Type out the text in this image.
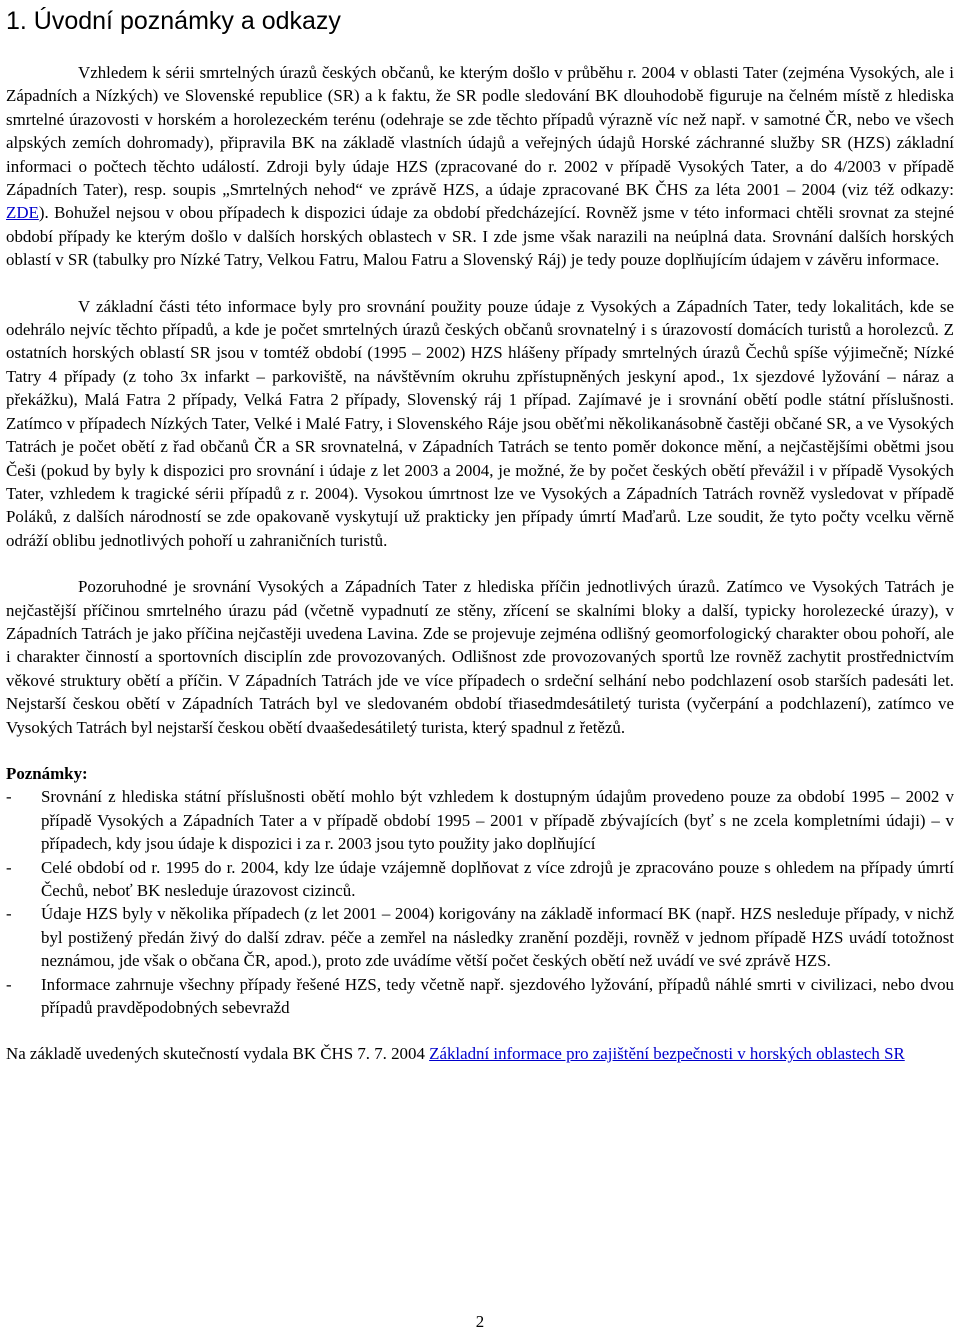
1. Úvodní poznámky a odkazy

Vzhledem k sérii smrtelných úrazů českých občanů, ke kterým došlo v průběhu r. 2004 v oblasti Tater (zejména Vysokých, ale i Západních a Nízkých) ve Slovenské republice (SR) a k faktu, že SR podle sledování BK dlouhodobě figuruje na čelném místě z hlediska smrtelné úrazovosti v horském a horolezeckém terénu (odehraje se zde těchto případů výrazně víc než např. v samotné ČR, nebo ve všech alpských zemích dohromady), připravila BK na základě vlastních údajů a veřejných údajů Horské záchranné služby SR (HZS) základní informaci o počtech těchto událostí. Zdroji byly údaje HZS (zpracované do r. 2002 v případě Vysokých Tater, a do 4/2003 v případě Západních Tater), resp. soupis „Smrtelných nehod“ ve zprávě HZS, a údaje zpracované BK ČHS za léta 2001 – 2004 (viz též odkazy: ZDE). Bohužel nejsou v obou případech k dispozici údaje za období předcházející. Rovněž jsme v této informaci chtěli srovnat za stejné období případy ke kterým došlo v dalších horských oblastech v SR. I zde jsme však narazili na neúplná data. Srovnání dalších horských oblastí v SR (tabulky pro Nízké Tatry, Velkou Fatru, Malou Fatru a Slovenský Ráj) je tedy pouze doplňujícím údajem v závěru informace.

V základní části této informace byly pro srovnání použity pouze údaje z Vysokých a Západních Tater, tedy lokalitách, kde se odehrálo nejvíc těchto případů, a kde je počet smrtelných úrazů českých občanů srovnatelný i s úrazovostí domácích turistů a horolezců. Z ostatních horských oblastí SR jsou v tomtéž období (1995 – 2002) HZS hlášeny případy smrtelných úrazů Čechů spíše výjimečně; Nízké Tatry 4 případy (z toho 3x infarkt – parkoviště, na návštěvním okruhu zpřístupněných jeskyní apod., 1x sjezdové lyžování – náraz a překážku), Malá Fatra 2 případy, Velká Fatra 2 případy, Slovenský ráj 1 případ. Zajímavé je i srovnání obětí podle státní příslušnosti. Zatímco v případech Nízkých Tater, Velké i Malé Fatry, i Slovenského Ráje jsou oběťmi několikanásobně častěji občané SR, a ve Vysokých Tatrách je počet obětí z řad občanů ČR a SR srovnatelná, v Západních Tatrách se tento poměr dokonce mění, a nejčastějšími obětmi jsou Češi (pokud by byly k dispozici pro srovnání i údaje z let 2003 a 2004, je možné, že by počet českých obětí převážil i v případě Vysokých Tater, vzhledem k tragické sérii případů z r. 2004). Vysokou úmrtnost lze ve Vysokých a Západních Tatrách rovněž vysledovat v případě Poláků, z dalších národností se zde opakovaně vyskytují už prakticky jen případy úmrtí Maďarů. Lze soudit, že tyto počty vcelku věrně odráží oblibu jednotlivých pohoří u zahraničních turistů.

Pozoruhodné je srovnání Vysokých a Západních Tater z hlediska příčin jednotlivých úrazů. Zatímco ve Vysokých Tatrách je nejčastější příčinou smrtelného úrazu pád (včetně vypadnutí ze stěny, zřícení se skalními bloky a další, typicky horolezecké úrazy), v Západních Tatrách je jako příčina nejčastěji uvedena Lavina. Zde se projevuje zejména odlišný geomorfologický charakter obou pohoří, ale i charakter činností a sportovních disciplín zde provozovaných. Odlišnost zde provozovaných sportů lze rovněž zachytit prostřednictvím věkové struktury obětí a příčin. V Západních Tatrách jde ve více případech o srdeční selhání nebo podchlazení osob starších padesáti let. Nejstarší českou obětí v Západních Tatrách byl ve sledovaném období třiasedmdesátiletý turista (vyčerpání a podchlazení), zatímco ve Vysokých Tatrách byl nejstarší českou obětí dvaašedesátiletý turista, který spadnul z řetězů.

Poznámky:
- Srovnání z hlediska státní příslušnosti obětí mohlo být vzhledem k dostupným údajům provedeno pouze za období 1995 – 2002 v případě Vysokých a Západních Tater a v případě období 1995 – 2001 v případě zbývajících (byť s ne zcela kompletními údaji) – v případech, kdy jsou údaje k dispozici i za r. 2003 jsou tyto použity jako doplňující
- Celé období od r. 1995 do r. 2004, kdy lze údaje vzájemně doplňovat z více zdrojů je zpracováno pouze s ohledem na případy úmrtí Čechů, neboť BK nesleduje úrazovost cizinců.
- Údaje HZS byly v několika případech (z let 2001 – 2004) korigovány na základě informací BK (např. HZS nesleduje případy, v nichž byl postižený předán živý do další zdrav. péče a zemřel na následky zranění později, rovněž v jednom případě HZS uvádí totožnost neznámou, jde však o občana ČR, apod.), proto zde uvádíme větší počet českých obětí než uvádí ve své zprávě HZS.
- Informace zahrnuje všechny případy řešené HZS, tedy včetně např. sjezdového lyžování, případů náhlé smrti v civilizaci, nebo dvou případů pravděpodobných sebevražd

Na základě uvedených skutečností vydala BK ČHS 7. 7. 2004 Základní informace pro zajištění bezpečnosti v horských oblastech SR

2
